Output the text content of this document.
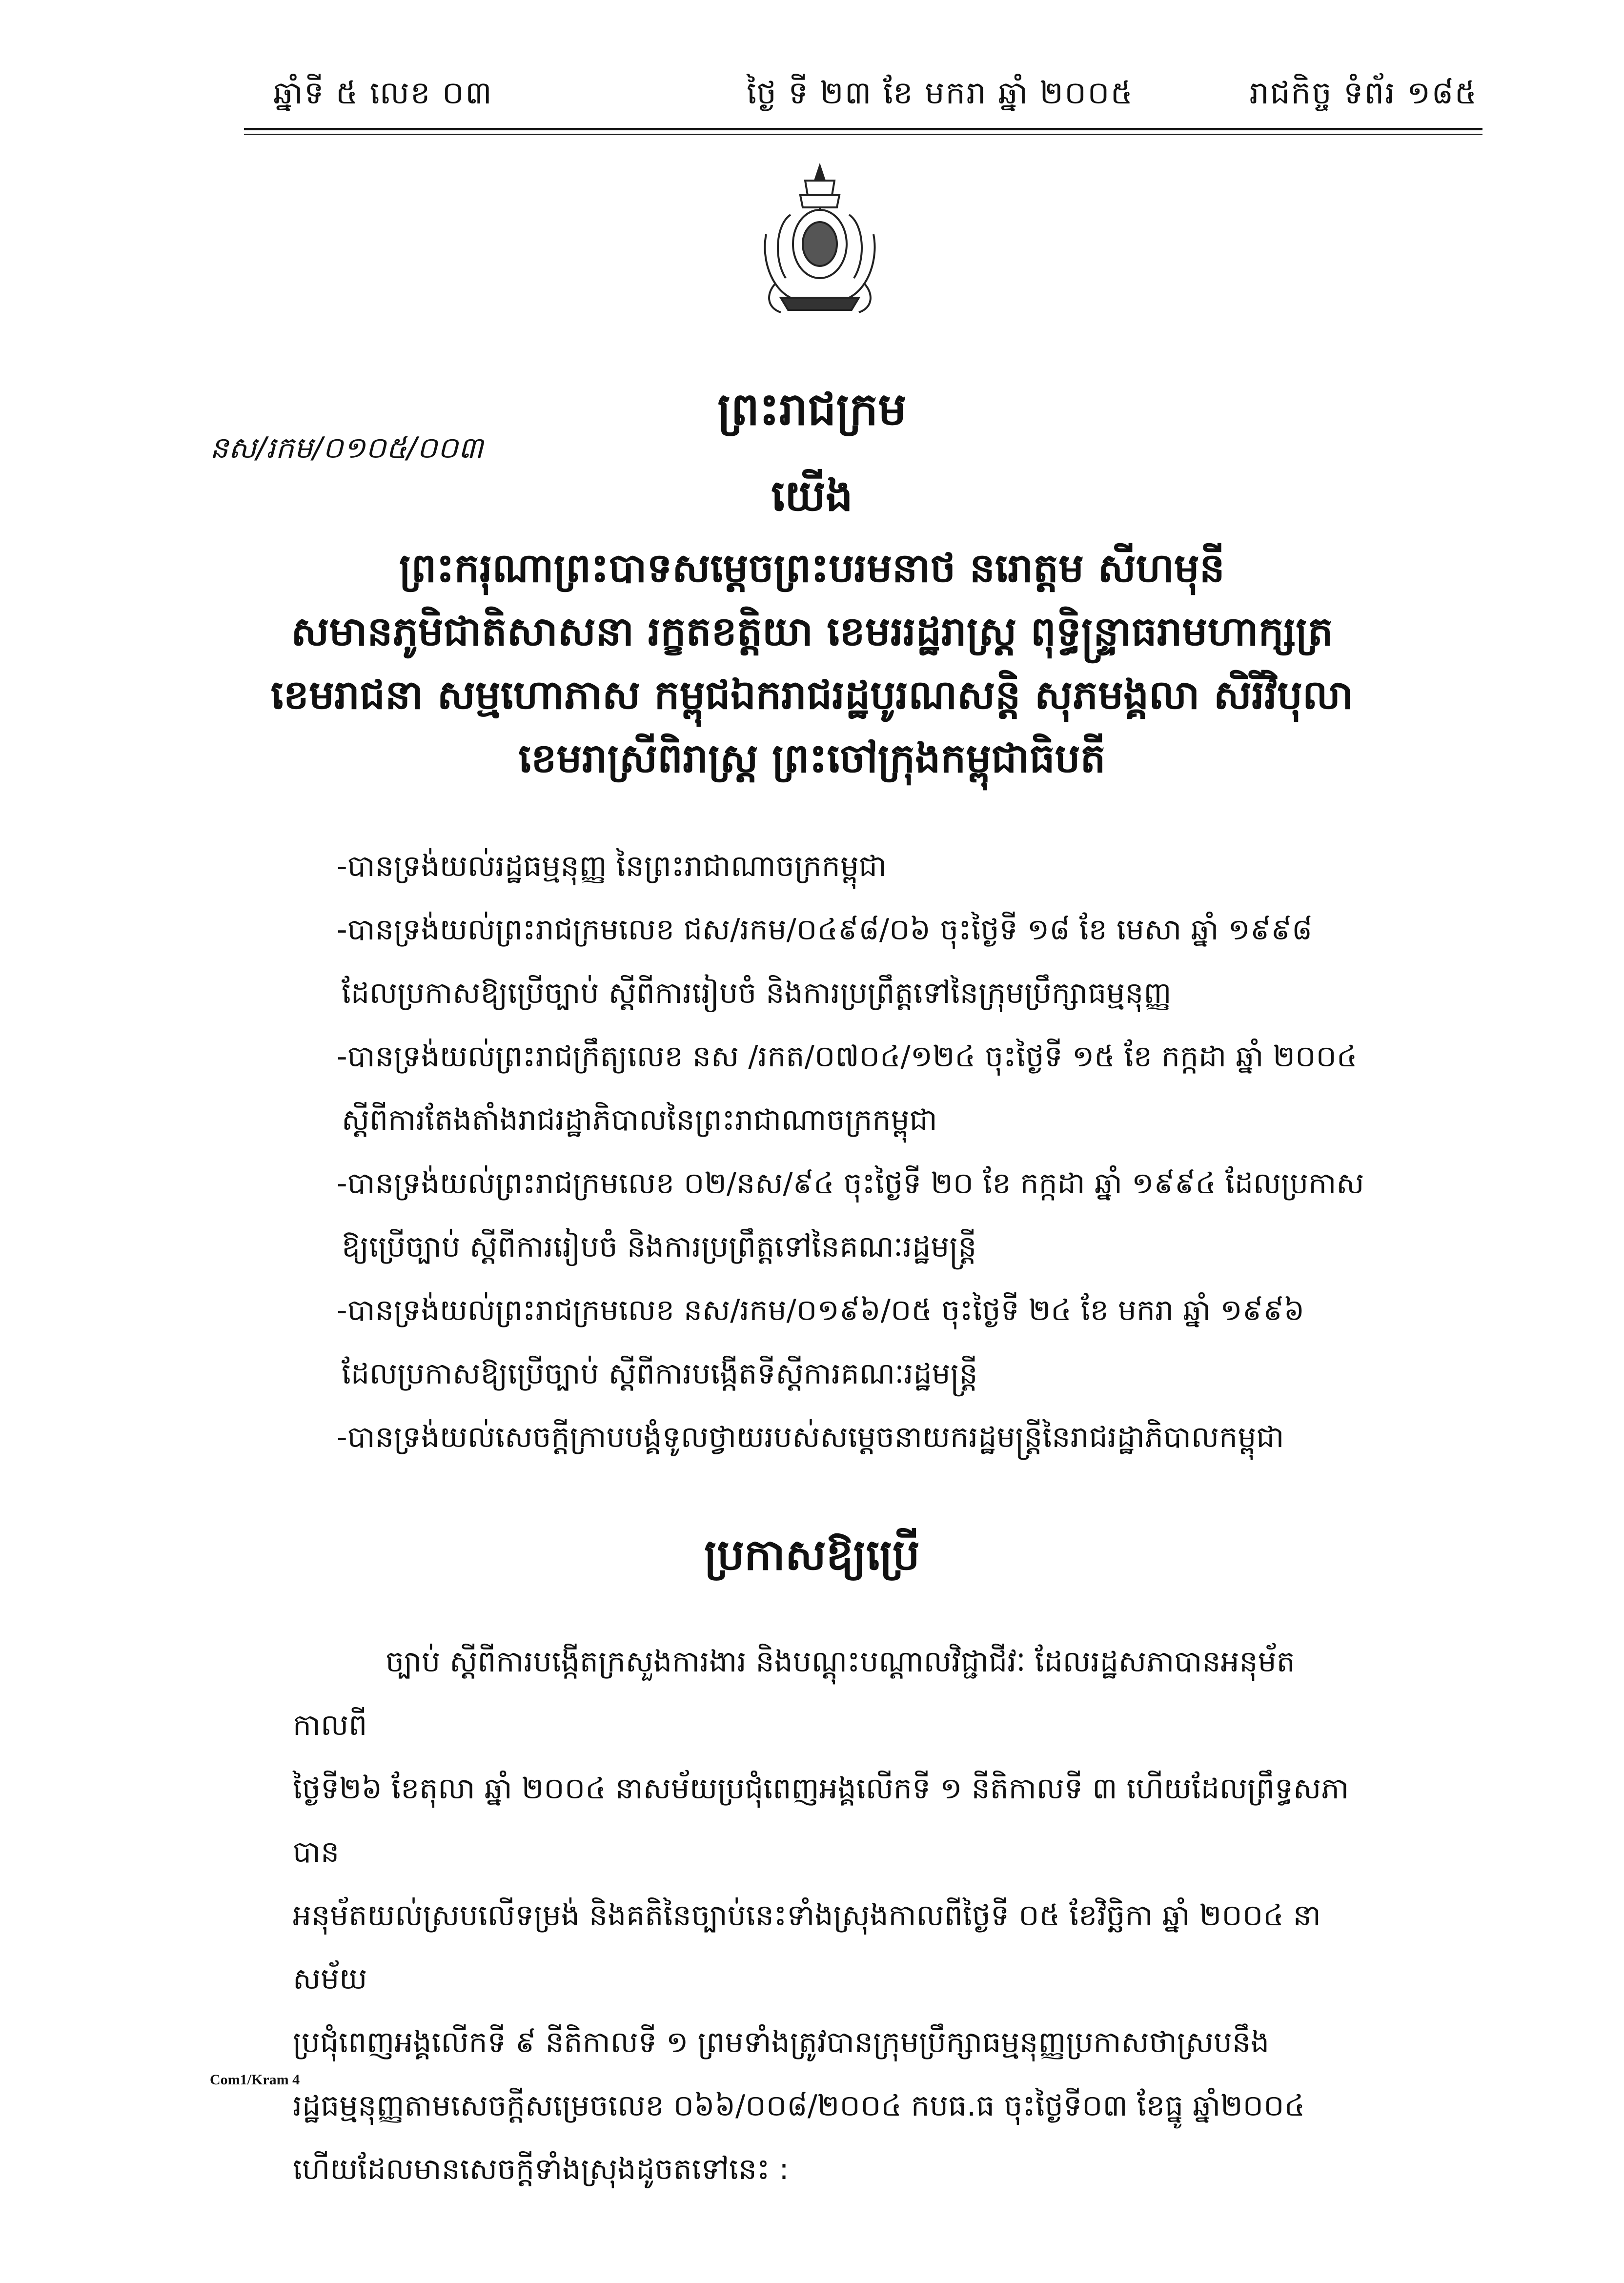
ឆ្នាំទី ៥ លេខ ០៣	ថ្ងៃ ទី ២៣ ខែ មករា ឆ្នាំ ២០០៥	រាជកិច្ច ទំព័រ ១៨៥
ព្រះរាជក្រម
នស/រកម/០១០៥/០០៣
យើង
ព្រះករុណាព្រះបាទសម្តេចព្រះបរមនាថ នរោត្តម សីហមុនី
សមានភូមិជាតិសាសនា រក្ខតខត្តិយា ខេមររដ្ឋរាស្ត្រ ពុទ្ធិន្ទ្រាធរាមហាក្សត្រ
ខេមរាជនា សម្មហោភាស កម្ពុជឯករាជរដ្ឋបូរណសន្តិ សុភមង្គលា សិរីវិបុលា
ខេមរាស្រីពិរាស្ត្រ ព្រះចៅក្រុងកម្ពុជាធិបតី
-បានទ្រង់យល់រដ្ឋធម្មនុញ្ញ នៃព្រះរាជាណាចក្រកម្ពុជា
-បានទ្រង់យល់ព្រះរាជក្រមលេខ ជស/រកម/០៤៩៨/០៦ ចុះថ្ងៃទី ១៨ ខែ មេសា ឆ្នាំ ១៩៩៨
ដែលប្រកាសឱ្យប្រើច្បាប់ ស្តីពីការរៀបចំ និងការប្រព្រឹត្តទៅនៃក្រុមប្រឹក្សាធម្មនុញ្ញ
-បានទ្រង់យល់ព្រះរាជក្រឹត្យលេខ នស /រកត/០៧០៤/១២៤ ចុះថ្ងៃទី ១៥ ខែ កក្កដា ឆ្នាំ ២០០៤
ស្តីពីការតែងតាំងរាជរដ្ឋាភិបាលនៃព្រះរាជាណាចក្រកម្ពុជា
-បានទ្រង់យល់ព្រះរាជក្រមលេខ ០២/នស/៩៤ ចុះថ្ងៃទី ២០ ខែ កក្កដា ឆ្នាំ ១៩៩៤ ដែលប្រកាស
ឱ្យប្រើច្បាប់ ស្តីពីការរៀបចំ និងការប្រព្រឹត្តទៅនៃគណៈរដ្ឋមន្ត្រី
-បានទ្រង់យល់ព្រះរាជក្រមលេខ នស/រកម/០១៩៦/០៥ ចុះថ្ងៃទី ២៤ ខែ មករា ឆ្នាំ ១៩៩៦
ដែលប្រកាសឱ្យប្រើច្បាប់ ស្តីពីការបង្កើតទីស្តីការគណៈរដ្ឋមន្ត្រី
-បានទ្រង់យល់សេចក្តីក្រាបបង្គំទូលថ្វាយរបស់សម្តេចនាយករដ្ឋមន្ត្រីនៃរាជរដ្ឋាភិបាលកម្ពុជា
ប្រកាសឱ្យប្រើ
ច្បាប់ ស្តីពីការបង្កើតក្រសួងការងារ និងបណ្តុះបណ្តាលវិជ្ជាជីវៈ ដែលរដ្ឋសភាបានអនុម័តកាលពី
ថ្ងៃទី២៦ ខែតុលា ឆ្នាំ ២០០៤ នាសម័យប្រជុំពេញអង្គលើកទី ១ នីតិកាលទី ៣ ហើយដែលព្រឹទ្ធសភាបាន
អនុម័តយល់ស្របលើទម្រង់ និងគតិនៃច្បាប់នេះទាំងស្រុងកាលពីថ្ងៃទី ០៥ ខែវិច្ឆិកា ឆ្នាំ ២០០៤ នាសម័យ
ប្រជុំពេញអង្គលើកទី ៩ នីតិកាលទី ១ ព្រមទាំងត្រូវបានក្រុមប្រឹក្សាធម្មនុញ្ញប្រកាសថាស្របនឹង
រដ្ឋធម្មនុញ្ញតាមសេចក្តីសម្រេចលេខ ០៦៦/០០៨/២០០៤ កបធ.ធ ចុះថ្ងៃទី០៣ ខែធ្នូ ឆ្នាំ២០០៤
ហើយដែលមានសេចក្តីទាំងស្រុងដូចតទៅនេះ :
Com1/Kram 4
